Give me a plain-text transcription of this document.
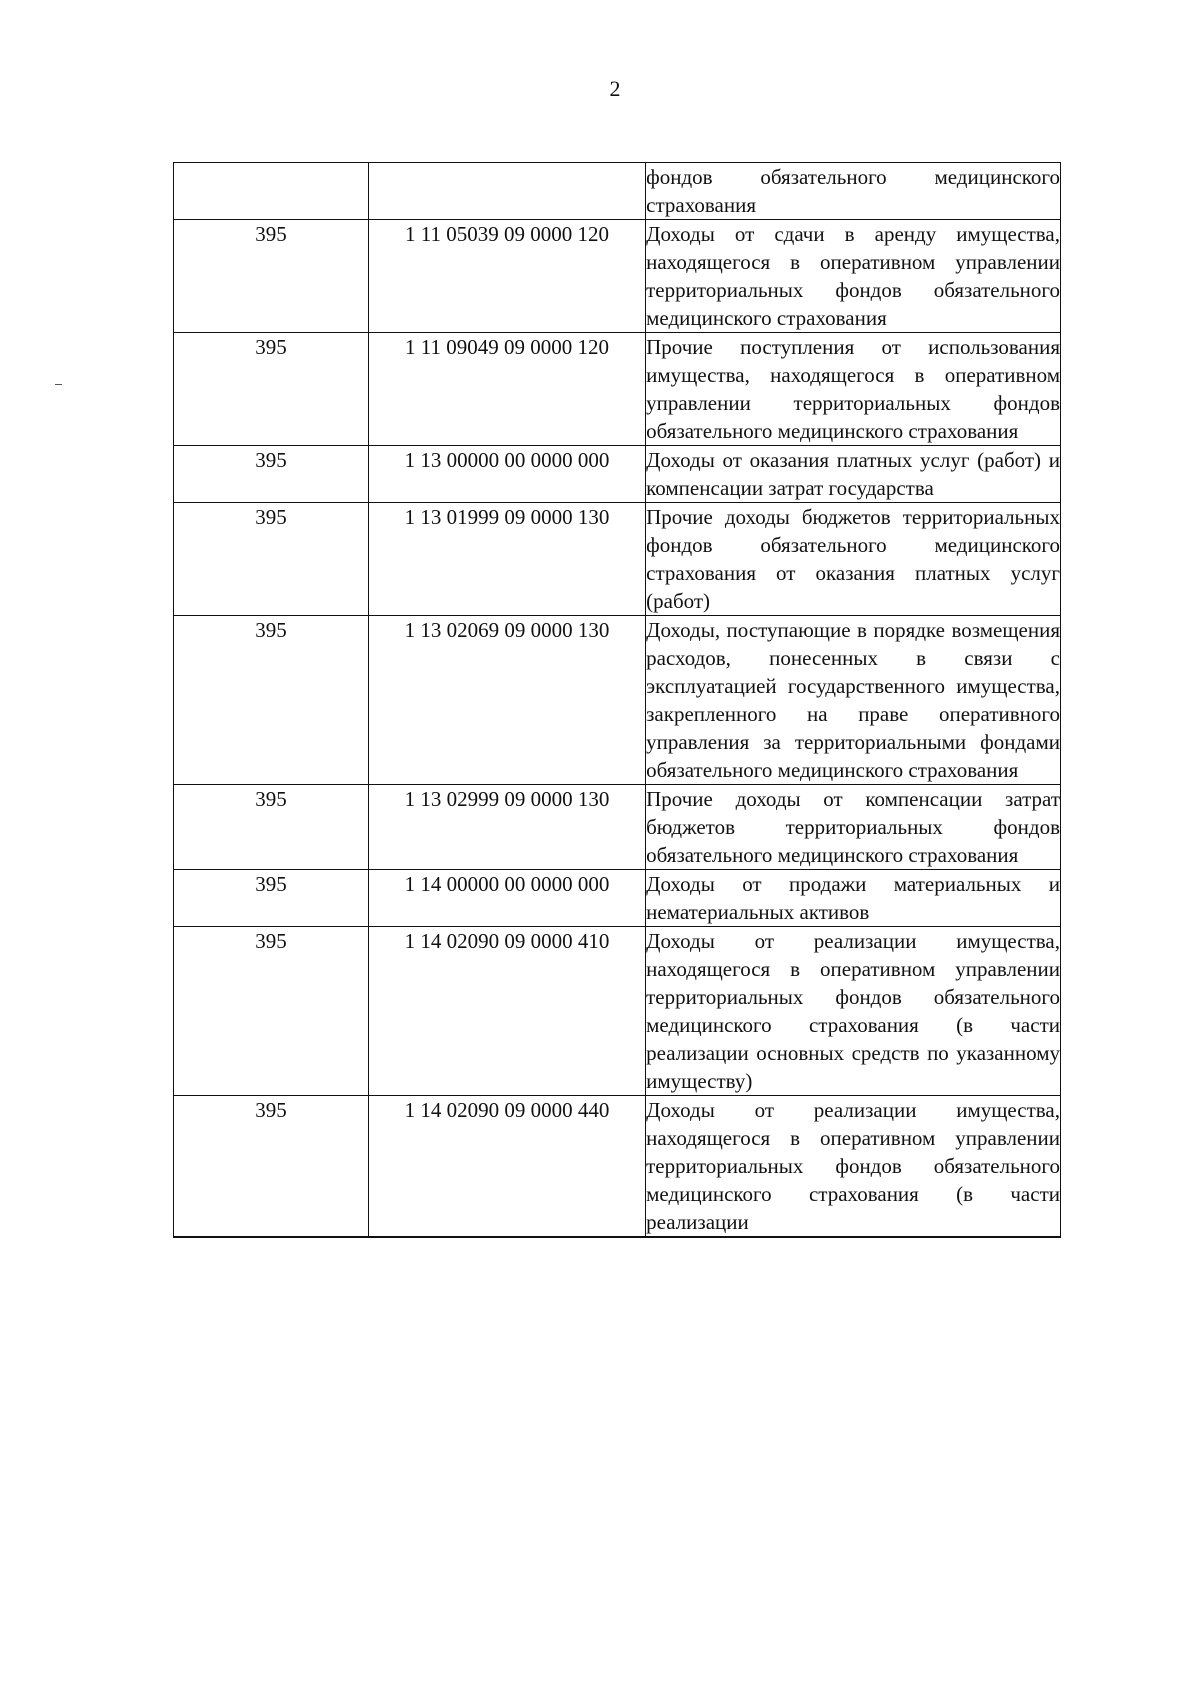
2

		фондов обязательного медицинского страхования

395	1 11 05039 09 0000 120	Доходы от сдачи в аренду имущества, находящегося в оперативном управлении территориальных фондов обязательного медицинского страхования

395	1 11 09049 09 0000 120	Прочие поступления от использования имущества, находящегося в оперативном управлении территориальных фондов обязательного медицинского страхования

395	1 13 00000 00 0000 000	Доходы от оказания платных услуг (работ) и компенсации затрат государства

395	1 13 01999 09 0000 130	Прочие доходы бюджетов территориальных фондов обязательного медицинского страхования от оказания платных услуг (работ)

395	1 13 02069 09 0000 130	Доходы, поступающие в порядке возмещения расходов, понесенных в связи с эксплуатацией государственного имущества, закрепленного на праве оперативного управления за территориальными фондами обязательного медицинского страхования

395	1 13 02999 09 0000 130	Прочие доходы от компенсации затрат бюджетов территориальных фондов обязательного медицинского страхования

395	1 14 00000 00 0000 000	Доходы от продажи материальных и нематериальных активов

395	1 14 02090 09 0000 410	Доходы от реализации имущества, находящегося в оперативном управлении территориальных фондов обязательного медицинского страхования (в части реализации основных средств по указанному имуществу)

395	1 14 02090 09 0000 440	Доходы от реализации имущества, находящегося в оперативном управлении территориальных фондов обязательного медицинского страхования (в части реализации
